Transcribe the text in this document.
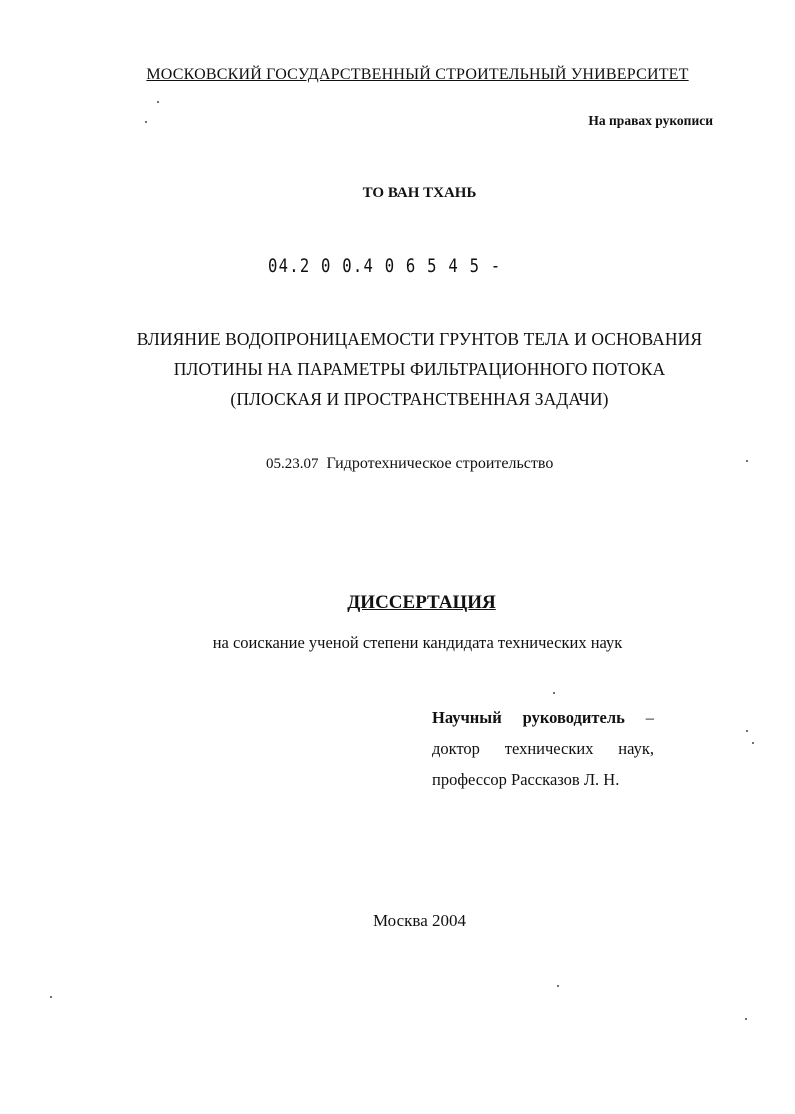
МОСКОВСКИЙ ГОСУДАРСТВЕННЫЙ СТРОИТЕЛЬНЫЙ УНИВЕРСИТЕТ
На правах рукописи
ТО ВАН ТХАНЬ
04.2 0 0.4 0 6 5 4 5 -
ВЛИЯНИЕ ВОДОПРОНИЦАЕМОСТИ ГРУНТОВ ТЕЛА И ОСНОВАНИЯ
ПЛОТИНЫ НА ПАРАМЕТРЫ ФИЛЬТРАЦИОННОГО ПОТОКА
(ПЛОСКАЯ И ПРОСТРАНСТВЕННАЯ ЗАДАЧИ)
05.23.07 Гидротехническое строительство
ДИССЕРТАЦИЯ
на соискание ученой степени кандидата технических наук
Научный руководитель –
доктор технических наук,
профессор Рассказов Л. Н.
Москва 2004
